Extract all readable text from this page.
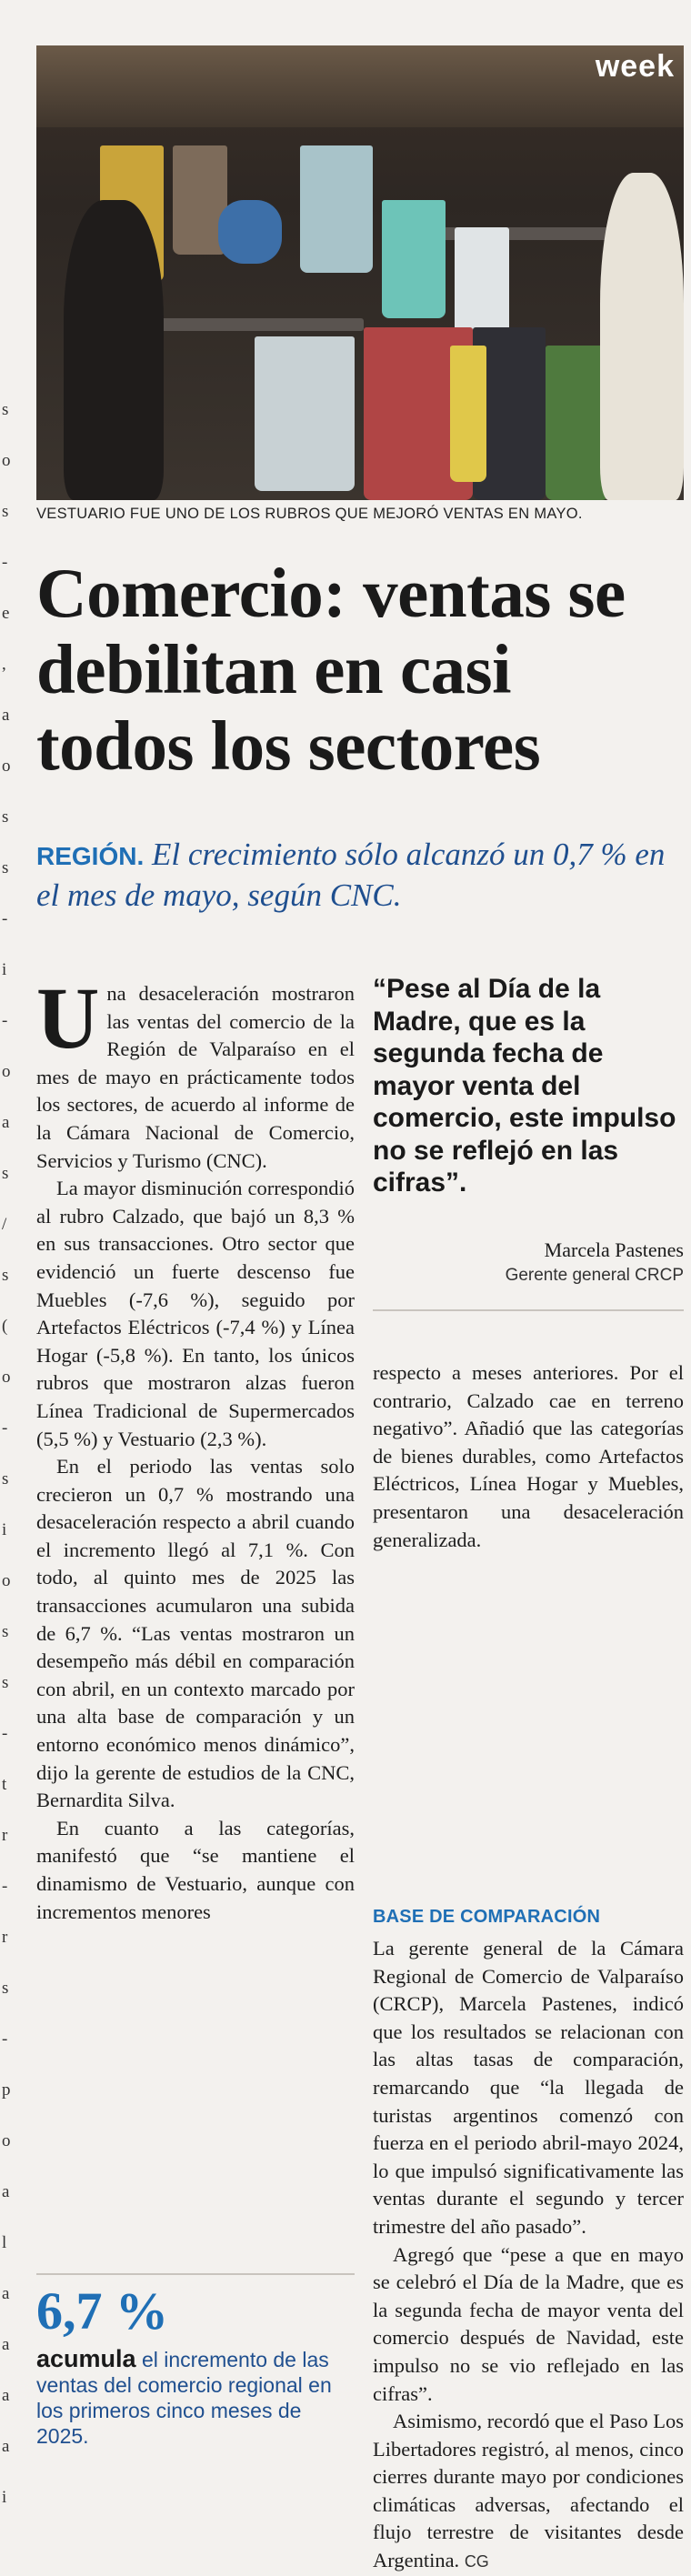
s
o
s
-
e
,
a
o
s
s
-
i
-
o
a
s
/
s
(
o
-
s
i
o
s
s
-
t
r
-
r
s
-
p
o
a
l
a
a
a
a
i
week
VESTUARIO FUE UNO DE LOS RUBROS QUE MEJORÓ VENTAS EN MAYO.
Comercio: ventas se debilitan en casi todos los sectores
REGIÓN. El crecimiento sólo alcanzó un 0,7 % en el mes de mayo, según CNC.

Una desaceleración mostraron las ventas del comercio de la Región de Valparaíso en el mes de mayo en prácticamente todos los sectores, de acuerdo al informe de la Cámara Nacional de Comercio, Servicios y Turismo (CNC).

La mayor disminución correspondió al rubro Calzado, que bajó un 8,3 % en sus transacciones. Otro sector que evidenció un fuerte descenso fue Muebles (-7,6 %), seguido por Artefactos Eléctricos (-7,4 %) y Línea Hogar (-5,8 %). En tanto, los únicos rubros que mostraron alzas fueron Línea Tradicional de Supermercados (5,5 %) y Vestuario (2,3 %).

En el periodo las ventas solo crecieron un 0,7 % mostrando una desaceleración respecto a abril cuando el incremento llegó al 7,1 %. Con todo, al quinto mes de 2025 las transacciones acumularon una subida de 6,7 %. “Las ventas mostraron un desempeño más débil en comparación con abril, en un contexto marcado por una alta base de comparación y un entorno económico menos dinámico”, dijo la gerente de estudios de la CNC, Bernardita Silva.

En cuanto a las categorías, manifestó que “se mantiene el dinamismo de Vestuario, aunque con incrementos menores

“Pese al Día de la Madre, que es la segunda fecha de mayor venta del comercio, este impulso no se reflejó en las cifras”.
Marcela Pastenes
Gerente general CRCP

respecto a meses anteriores. Por el contrario, Calzado cae en terreno negativo”. Añadió que las categorías de bienes durables, como Artefactos Eléctricos, Línea Hogar y Muebles, presentaron una desaceleración generalizada.

BASE DE COMPARACIÓN

La gerente general de la Cámara Regional de Comercio de Valparaíso (CRCP), Marcela Pastenes, indicó que los resultados se relacionan con las altas tasas de comparación, remarcando que “la llegada de turistas argentinos comenzó con fuerza en el periodo abril-mayo 2024, lo que impulsó significativamente las ventas durante el segundo y tercer trimestre del año pasado”.

Agregó que “pese a que en mayo se celebró el Día de la Madre, que es la segunda fecha de mayor venta del comercio después de Navidad, este impulso no se vio reflejado en las cifras”.

Asimismo, recordó que el Paso Los Libertadores registró, al menos, cinco cierres durante mayo por condiciones climáticas adversas, afectando el flujo terrestre de visitantes desde Argentina. CG

6,7 %
acumula el incremento de las ventas del comercio regional en los primeros cinco meses de 2025.
